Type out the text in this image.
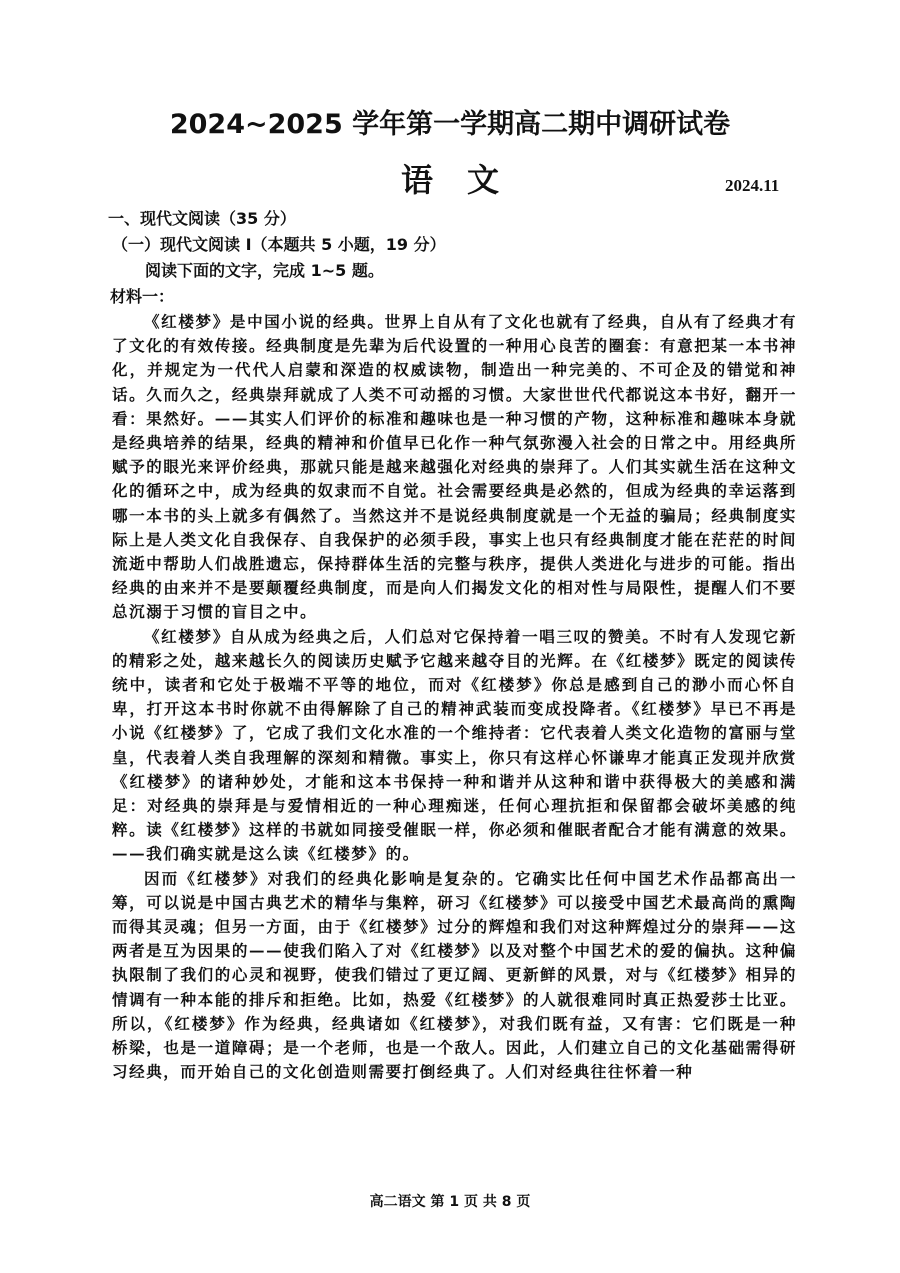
2024~2025 学年第一学期高二期中调研试卷
语文	2024.11
一、现代文阅读（35 分）
（一）现代文阅读 Ⅰ（本题共 5 小题，19 分）
阅读下面的文字，完成 1~5 题。
材料一：

《红楼梦》是中国小说的经典。世界上自从有了文化也就有了经典，自从有了经典才有了文化的有效传接。经典制度是先辈为后代设置的一种用心良苦的圈套：有意把某一本书神化，并规定为一代代人启蒙和深造的权威读物，制造出一种完美的、不可企及的错觉和神话。久而久之，经典崇拜就成了人类不可动摇的习惯。大家世世代代都说这本书好，翻开一看：果然好。——其实人们评价的标准和趣味也是一种习惯的产物，这种标准和趣味本身就是经典培养的结果，经典的精神和价值早已化作一种气氛弥漫入社会的日常之中。用经典所赋予的眼光来评价经典，那就只能是越来越强化对经典的崇拜了。人们其实就生活在这种文化的循环之中，成为经典的奴隶而不自觉。社会需要经典是必然的，但成为经典的幸运落到哪一本书的头上就多有偶然了。当然这并不是说经典制度就是一个无益的骗局；经典制度实际上是人类文化自我保存、自我保护的必须手段，事实上也只有经典制度才能在茫茫的时间流逝中帮助人们战胜遗忘，保持群体生活的完整与秩序，提供人类进化与进步的可能。指出经典的由来并不是要颠覆经典制度，而是向人们揭发文化的相对性与局限性，提醒人们不要总沉溺于习惯的盲目之中。

《红楼梦》自从成为经典之后，人们总对它保持着一唱三叹的赞美。不时有人发现它新的精彩之处，越来越长久的阅读历史赋予它越来越夺目的光辉。在《红楼梦》既定的阅读传统中，读者和它处于极端不平等的地位，而对《红楼梦》你总是感到自己的渺小而心怀自卑，打开这本书时你就不由得解除了自己的精神武装而变成投降者。《红楼梦》早已不再是小说《红楼梦》了，它成了我们文化水准的一个维持者：它代表着人类文化造物的富丽与堂皇，代表着人类自我理解的深刻和精微。事实上，你只有这样心怀谦卑才能真正发现并欣赏《红楼梦》的诸种妙处，才能和这本书保持一种和谐并从这种和谐中获得极大的美感和满足：对经典的崇拜是与爱情相近的一种心理痴迷，任何心理抗拒和保留都会破坏美感的纯粹。读《红楼梦》这样的书就如同接受催眠一样，你必须和催眠者配合才能有满意的效果。——我们确实就是这么读《红楼梦》的。

因而《红楼梦》对我们的经典化影响是复杂的。它确实比任何中国艺术作品都高出一筹，可以说是中国古典艺术的精华与集粹，研习《红楼梦》可以接受中国艺术最高尚的熏陶而得其灵魂；但另一方面，由于《红楼梦》过分的辉煌和我们对这种辉煌过分的崇拜——这两者是互为因果的——使我们陷入了对《红楼梦》以及对整个中国艺术的爱的偏执。这种偏执限制了我们的心灵和视野，使我们错过了更辽阔、更新鲜的风景，对与《红楼梦》相异的情调有一种本能的排斥和拒绝。比如，热爱《红楼梦》的人就很难同时真正热爱莎士比亚。所以，《红楼梦》作为经典，经典诸如《红楼梦》，对我们既有益，又有害：它们既是一种桥梁，也是一道障碍；是一个老师，也是一个敌人。因此，人们建立自己的文化基础需得研习经典，而开始自己的文化创造则需要打倒经典了。人们对经典往往怀着一种

高二语文 第 1 页 共 8 页
